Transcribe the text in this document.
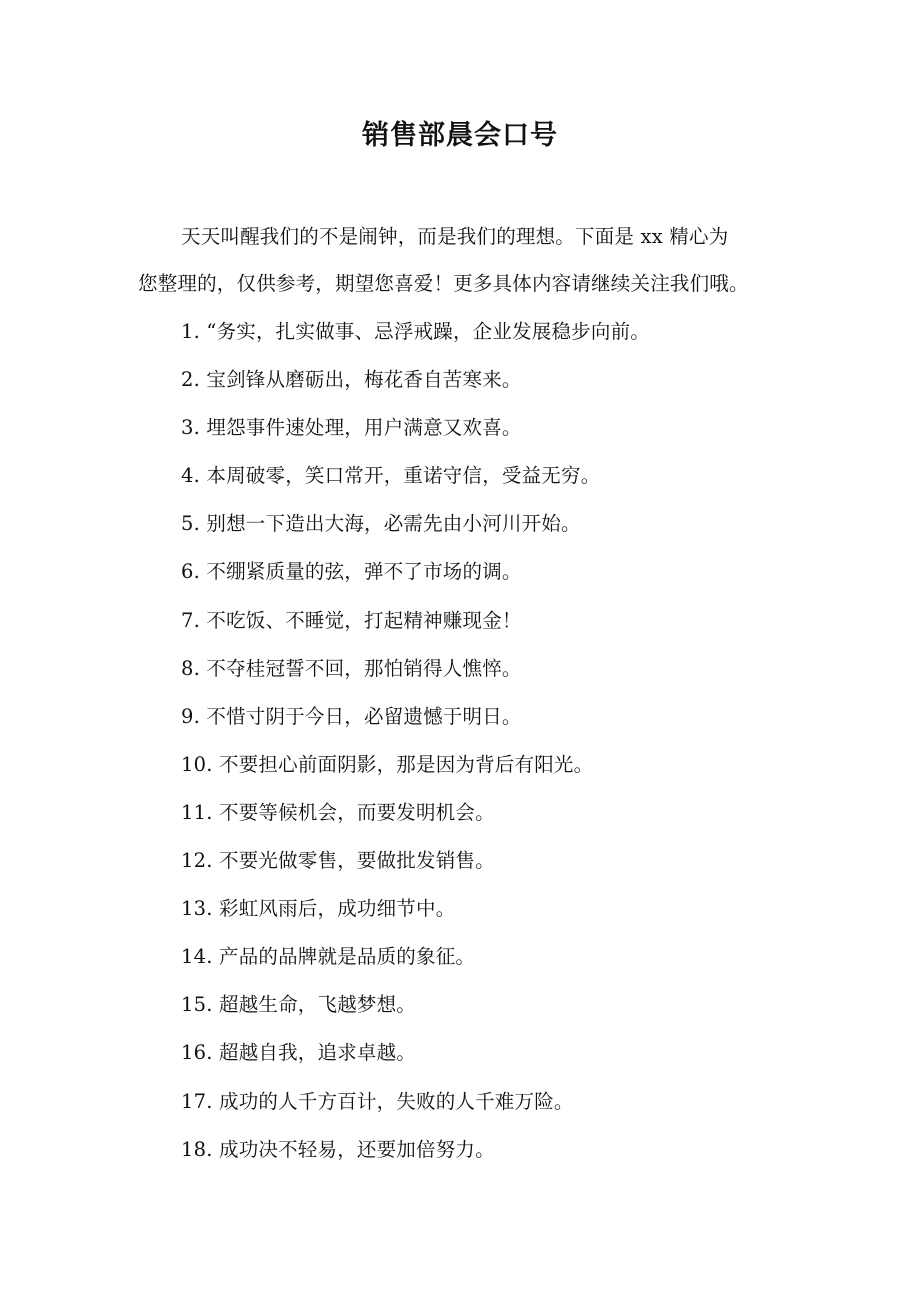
销售部晨会口号

天天叫醒我们的不是闹钟，而是我们的理想。下面是 xx 精心为
您整理的，仅供参考，期望您喜爱！更多具体内容请继续关注我们哦。

1. “务实，扎实做事、忌浮戒躁，企业发展稳步向前。
2. 宝剑锋从磨砺出，梅花香自苦寒来。
3. 埋怨事件速处理，用户满意又欢喜。
4. 本周破零，笑口常开，重诺守信，受益无穷。
5. 别想一下造出大海，必需先由小河川开始。
6. 不绷紧质量的弦，弹不了市场的调。
7. 不吃饭、不睡觉，打起精神赚现金！
8. 不夺桂冠誓不回，那怕销得人憔悴。
9. 不惜寸阴于今日，必留遗憾于明日。
10. 不要担心前面阴影，那是因为背后有阳光。
11. 不要等候机会，而要发明机会。
12. 不要光做零售，要做批发销售。
13. 彩虹风雨后，成功细节中。
14. 产品的品牌就是品质的象征。
15. 超越生命，飞越梦想。
16. 超越自我，追求卓越。
17. 成功的人千方百计，失败的人千难万险。
18. 成功决不轻易，还要加倍努力。
